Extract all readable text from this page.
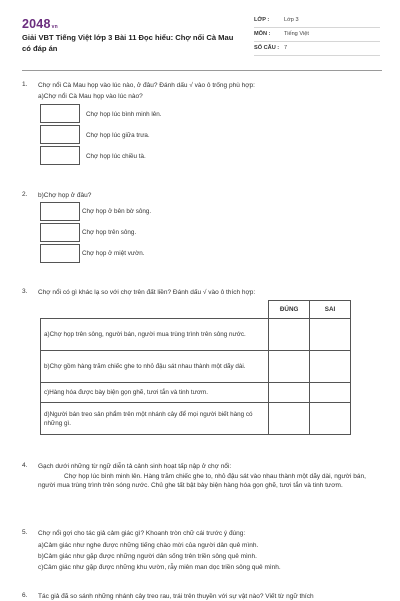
2048vn
Giải VBT Tiếng Việt lớp 3 Bài 11 Đọc hiểu: Chợ nổi Cà Mau có đáp án
LỚP :	Lớp 3
MÔN : Tiếng Việt
SỐ CÂU : 7
1. Chợ nổi Cà Mau họp vào lúc nào, ở đâu? Đánh dấu √ vào ô trống phù hợp:
a)Chợ nổi Cà Mau họp vào lúc nào?
Chợ họp lúc bình minh lên.
Chợ họp lúc giữa trưa.
Chợ họp lúc chiều tà.
2. b)Chợ họp ở đâu?
Chợ họp ở bên bờ sông.
Chợ họp trên sông.
Chợ họp ở miệt vườn.
3. Chợ nổi có gì khác lạ so với chợ trên đất liền? Đánh dấu √ vào ô thích hợp:
	ĐÚNG	SAI
a)Chợ họp trên sông, người bán, người mua trùng trình trên sông nước.		
b)Chợ gồm hàng trăm chiếc ghe to nhỏ đậu sát nhau thành một dãy dài.		
c)Hàng hóa được bày biện gọn ghẽ, tươi tắn và tinh tươm.		
d)Người bán treo sản phẩm trên một nhánh cây để mọi người biết hàng có những gì.		
4. Gạch dưới những từ ngữ diễn tả cảnh sinh hoạt tấp nập ở chợ nổi:
Chợ họp lúc bình minh lên. Hàng trăm chiếc ghe to, nhỏ đậu sát vào nhau thành một dãy dài, người bán, người mua trùng trình trên sóng nước. Chủ ghe tất bật bày biện hàng hóa gọn ghẽ, tươi tắn và tinh tươm.
5. Chợ nổi gợi cho tác giả cảm giác gì? Khoanh tròn chữ cái trước ý đúng:
a)Cảm giác như nghe được những tiếng chào mời của người dân quê mình.
b)Cảm giác như gặp được những người dân sống trên triền sông quê mình.
c)Cảm giác như gặp được những khu vườn, rẫy miên man dọc triền sông quê mình.
6. Tác giả đã so sánh những nhánh cây treo rau, trái trên thuyền với sự vật nào? Viết từ ngữ thích
